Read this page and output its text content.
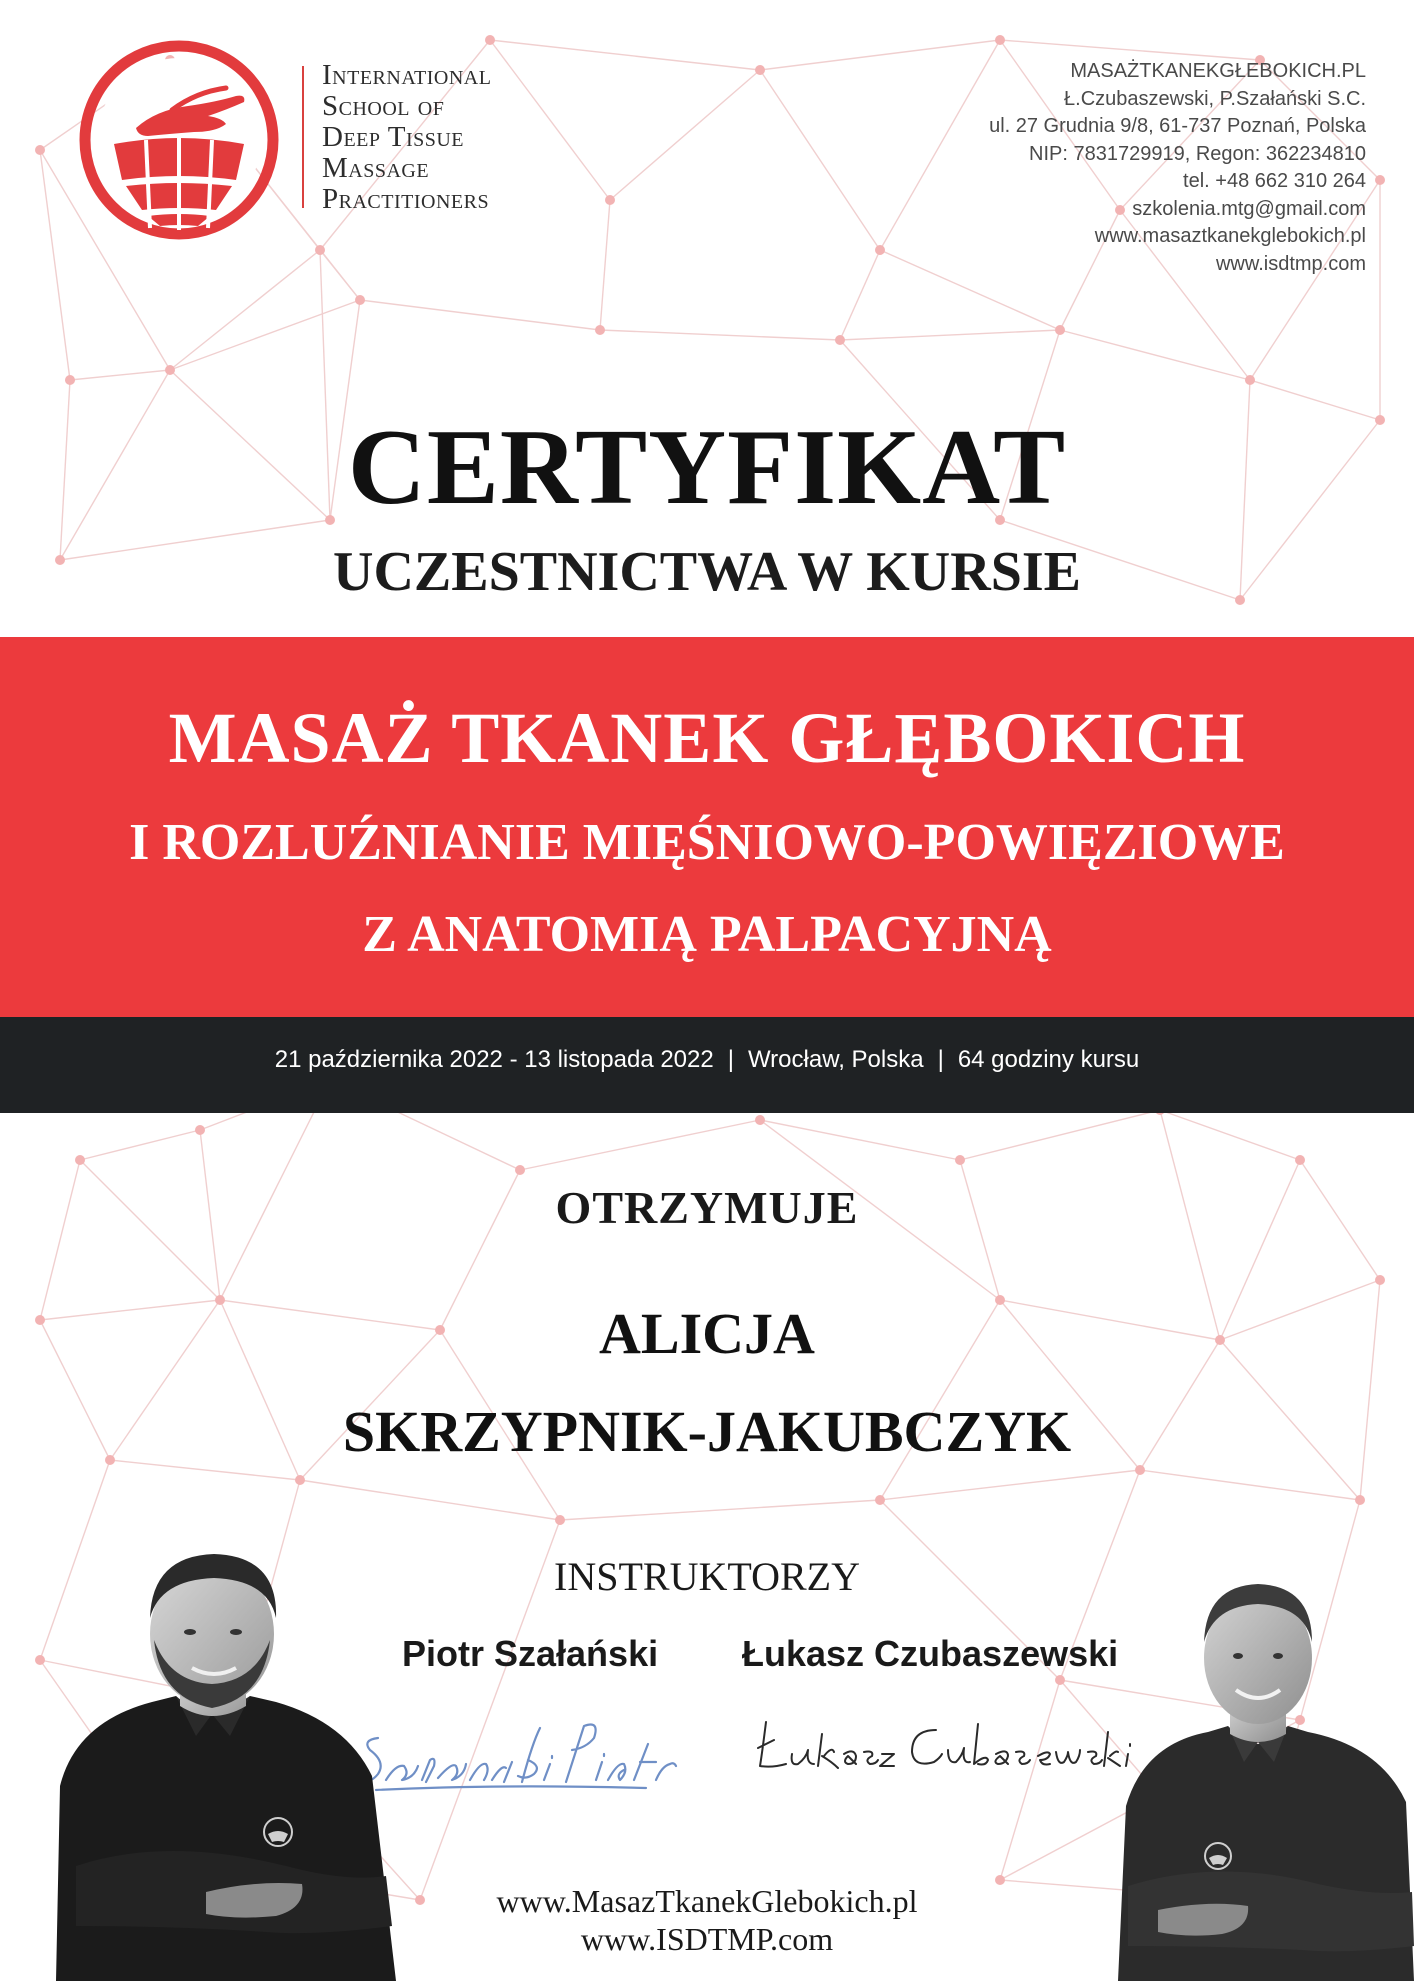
International
School of
Deep Tissue
Massage
Practitioners
MASAŻTKANEKGŁEBOKICH.PL
Ł.Czubaszewski, P.Szałański S.C.
ul. 27 Grudnia 9/8, 61-737 Poznań, Polska
NIP: 7831729919, Regon: 362234810
tel. +48 662 310 264
szkolenia.mtg@gmail.com
www.masaztkanekglebokich.pl
www.isdtmp.com
CERTYFIKAT
UCZESTNICTWA W KURSIE
MASAŻ TKANEK GŁĘBOKICH
I ROZLUŹNIANIE MIĘŚNIOWO-POWIĘZIOWE
Z ANATOMIĄ PALPACYJNĄ
21 października 2022 - 13 listopada 2022 | Wrocław, Polska | 64 godziny kursu
OTRZYMUJE
ALICJA
SKRZYPNIK-JAKUBCZYK
INSTRUKTORZY
Piotr Szałański Łukasz Czubaszewski
www.MasazTkanekGlebokich.pl
www.ISDTMP.com
